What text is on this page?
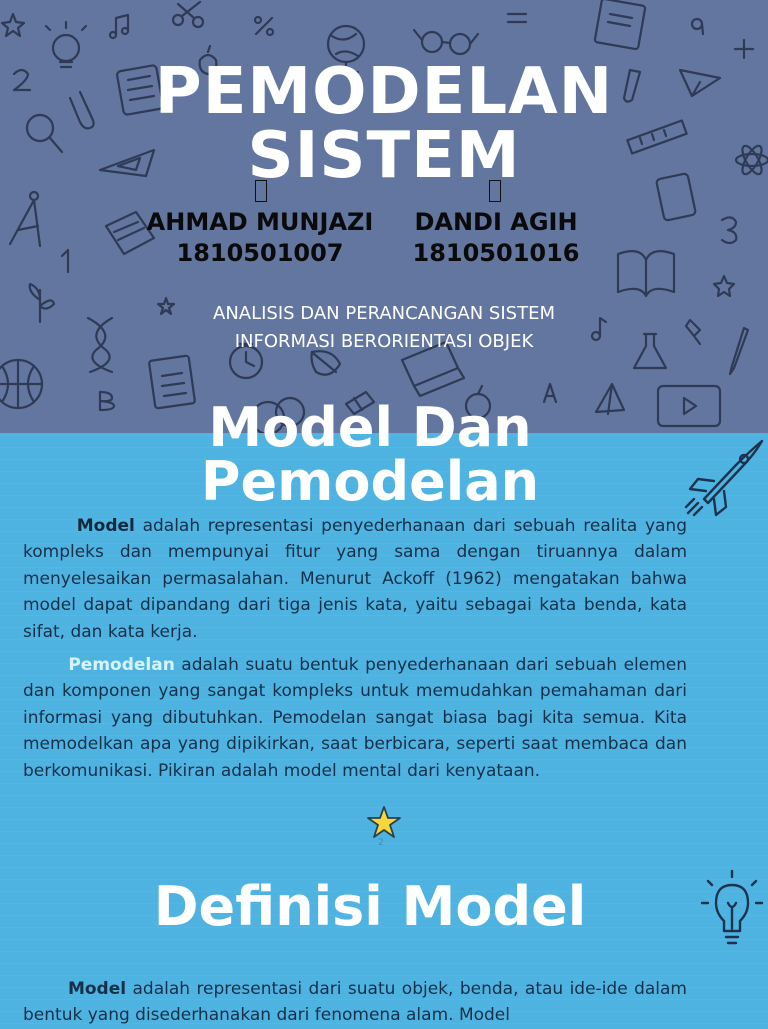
PEMODELAN
SISTEM
AHMAD MUNJAZI
1810501007
DANDI AGIH
1810501016
ANALISIS DAN PERANCANGAN SISTEM
INFORMASI BERORIENTASI OBJEK
Model Dan
Pemodelan

Model adalah representasi penyederhanaan dari sebuah realita yang kompleks dan mempunyai fitur yang sama dengan tiruannya dalam menyelesaikan permasalahan. Menurut Ackoff (1962) mengatakan bahwa model dapat dipandang dari tiga jenis kata, yaitu sebagai kata benda, kata sifat, dan kata kerja.

Pemodelan adalah suatu bentuk penyederhanaan dari sebuah elemen dan komponen yang sangat kompleks untuk memudahkan pemahaman dari informasi yang dibutuhkan. Pemodelan sangat biasa bagi kita semua. Kita memodelkan apa yang dipikirkan, saat berbicara, seperti saat membaca dan berkomunikasi. Pikiran adalah model mental dari kenyataan.

2
Definisi Model

Model adalah representasi dari suatu objek, benda, atau ide-ide dalam bentuk yang disederhanakan dari fenomena alam. Model
